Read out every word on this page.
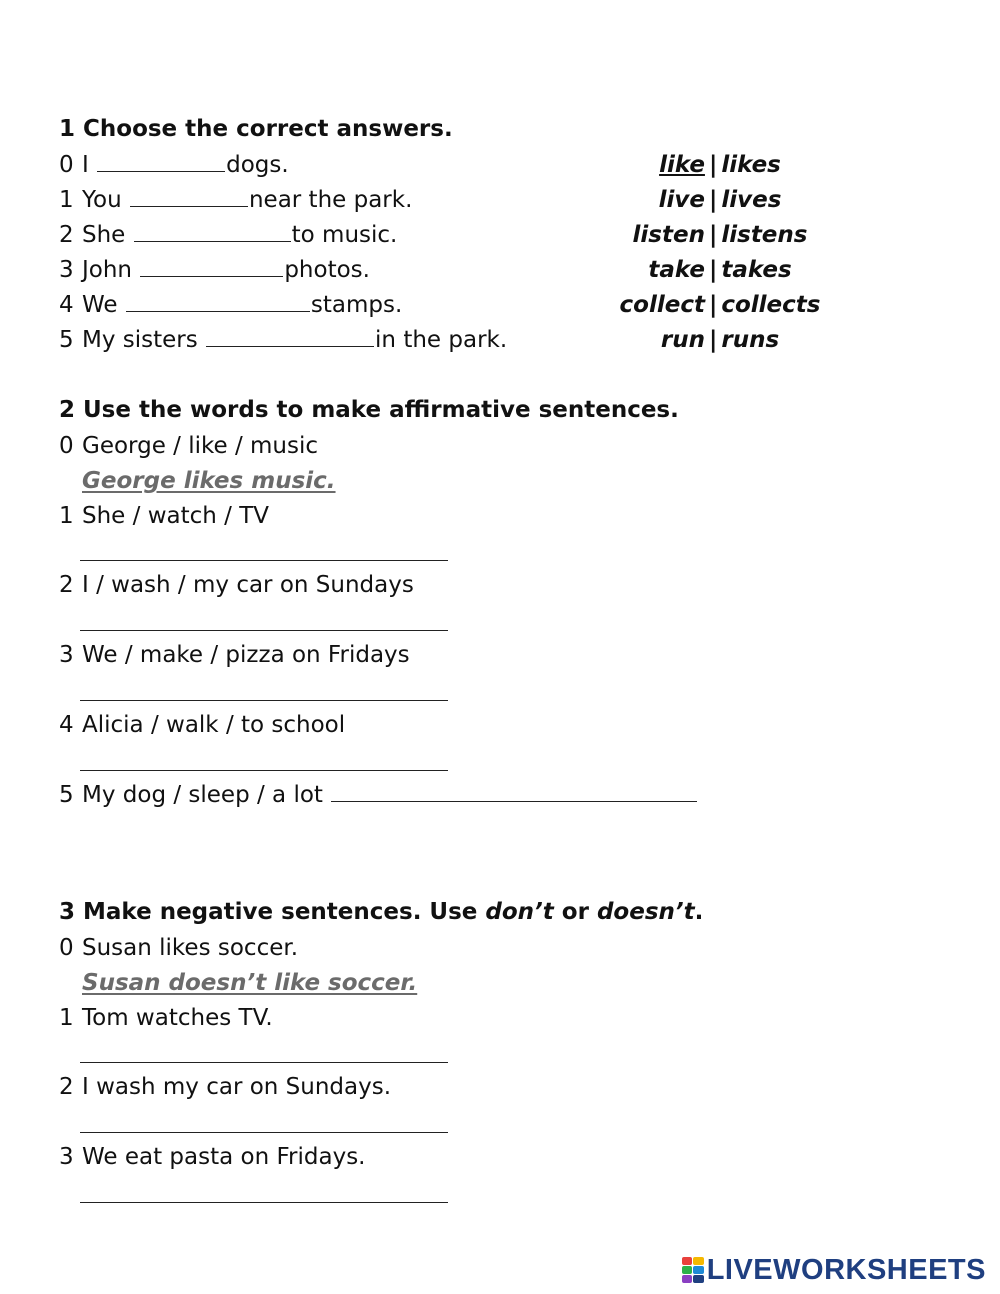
1 Choose the correct answers.
0 I	dogs.	like | likes
1 You	near the park.	live | lives
2 She	to music.	listen | listens
3 John	photos.	take | takes
4 We	stamps.	collect | collects
5 My sisters	in the park.	run | runs
2 Use the words to make affirmative sentences.
0 George / like / music
George likes music.
1 She / watch / TV
2 I / wash / my car on Sundays
3 We / make / pizza on Fridays
4 Alicia / walk / to school
5 My dog / sleep / a lot
3 Make negative sentences. Use don’t or doesn’t.
0 Susan likes soccer.
Susan doesn’t like soccer.
1 Tom watches TV.
2 I wash my car on Sundays.
3 We eat pasta on Fridays.
LIVEWORKSHEETS
